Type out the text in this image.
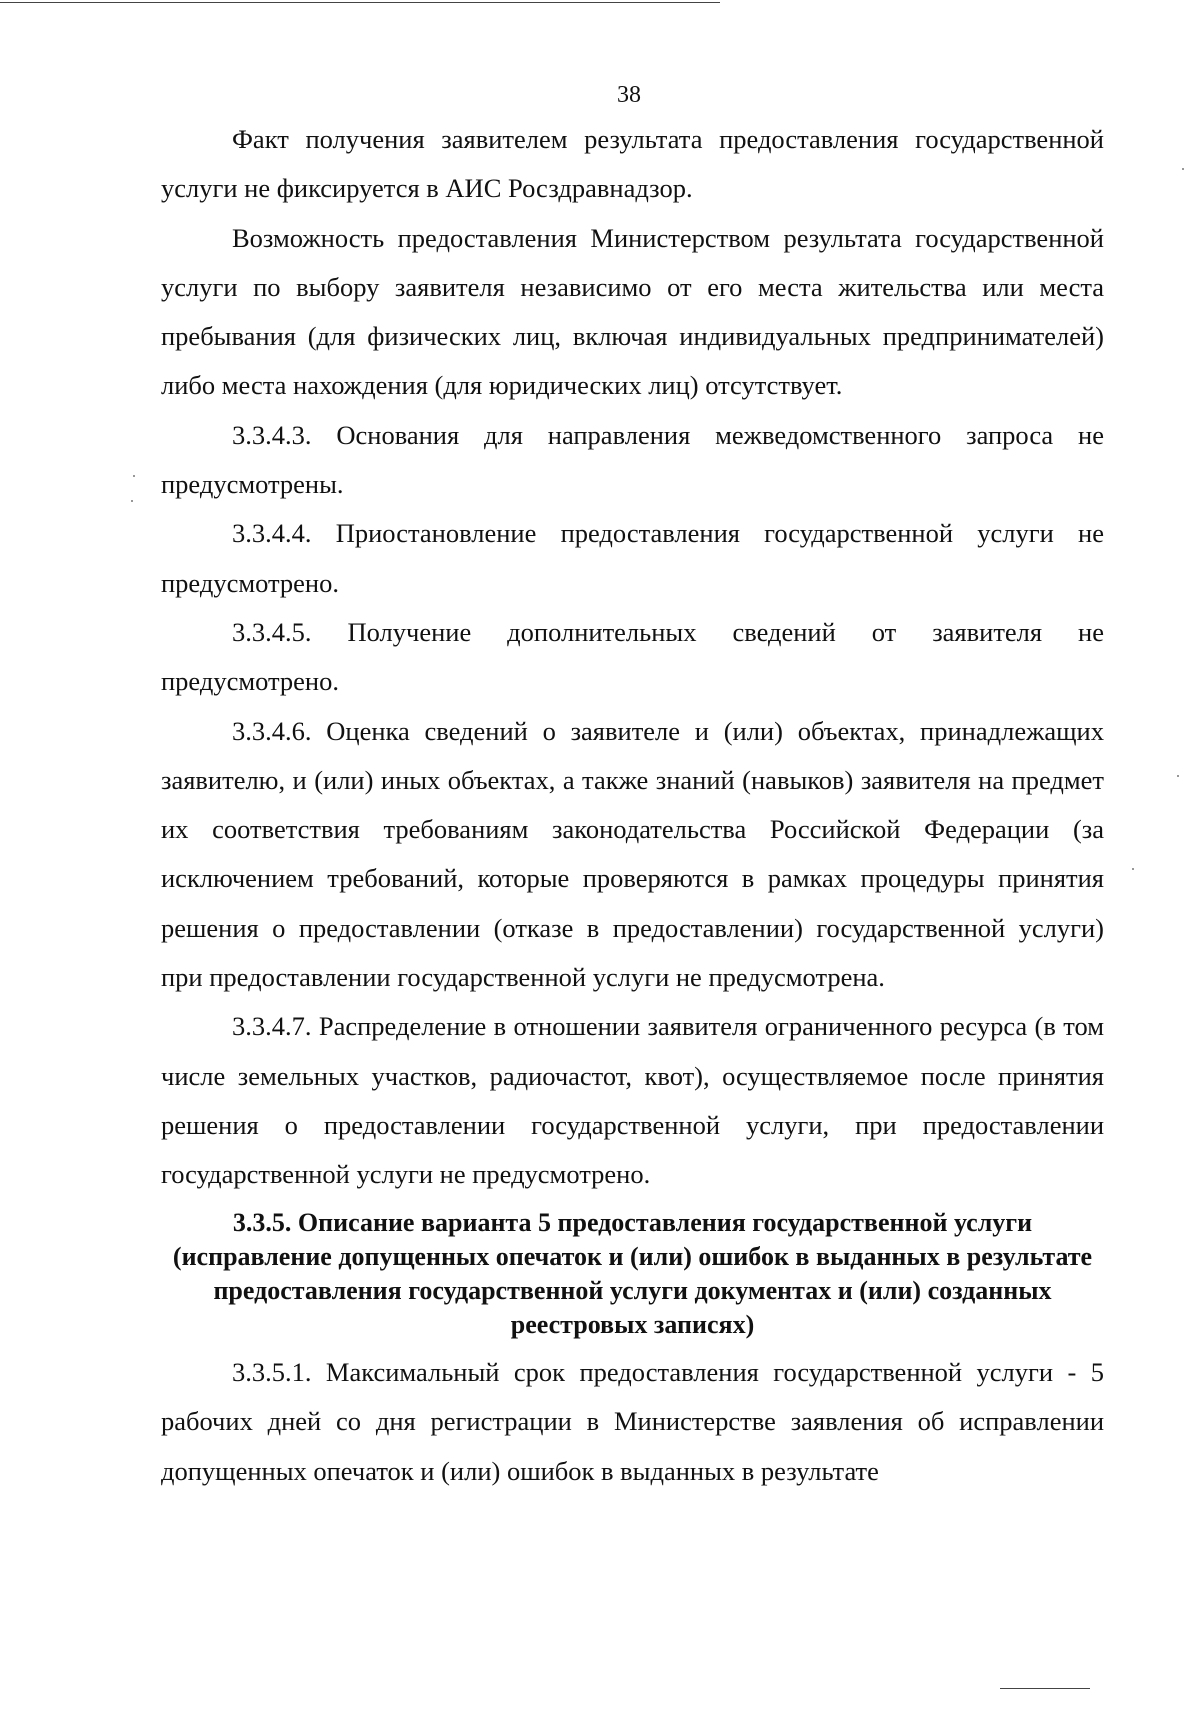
38

Факт получения заявителем результата предоставления государственной услуги не фиксируется в АИС Росздравнадзор.

Возможность предоставления Министерством результата государственной услуги по выбору заявителя независимо от его места жительства или места пребывания (для физических лиц, включая индивидуальных предпринимателей) либо места нахождения (для юридических лиц) отсутствует.

3.3.4.3. Основания для направления межведомственного запроса не предусмотрены.

3.3.4.4. Приостановление предоставления государственной услуги не предусмотрено.

3.3.4.5. Получение дополнительных сведений от заявителя не предусмотрено.

3.3.4.6. Оценка сведений о заявителе и (или) объектах, принадлежащих заявителю, и (или) иных объектах, а также знаний (навыков) заявителя на предмет их соответствия требованиям законодательства Российской Федерации (за исключением требований, которые проверяются в рамках процедуры принятия решения о предоставлении (отказе в предоставлении) государственной услуги) при предоставлении государственной услуги не предусмотрена.

3.3.4.7. Распределение в отношении заявителя ограниченного ресурса (в том числе земельных участков, радиочастот, квот), осуществляемое после принятия решения о предоставлении государственной услуги, при предоставлении государственной услуги не предусмотрено.

3.3.5. Описание варианта 5 предоставления государственной услуги (исправление допущенных опечаток и (или) ошибок в выданных в результате предоставления государственной услуги документах и (или) созданных реестровых записях)

3.3.5.1. Максимальный срок предоставления государственной услуги - 5 рабочих дней со дня регистрации в Министерстве заявления об исправлении допущенных опечаток и (или) ошибок в выданных в результате
